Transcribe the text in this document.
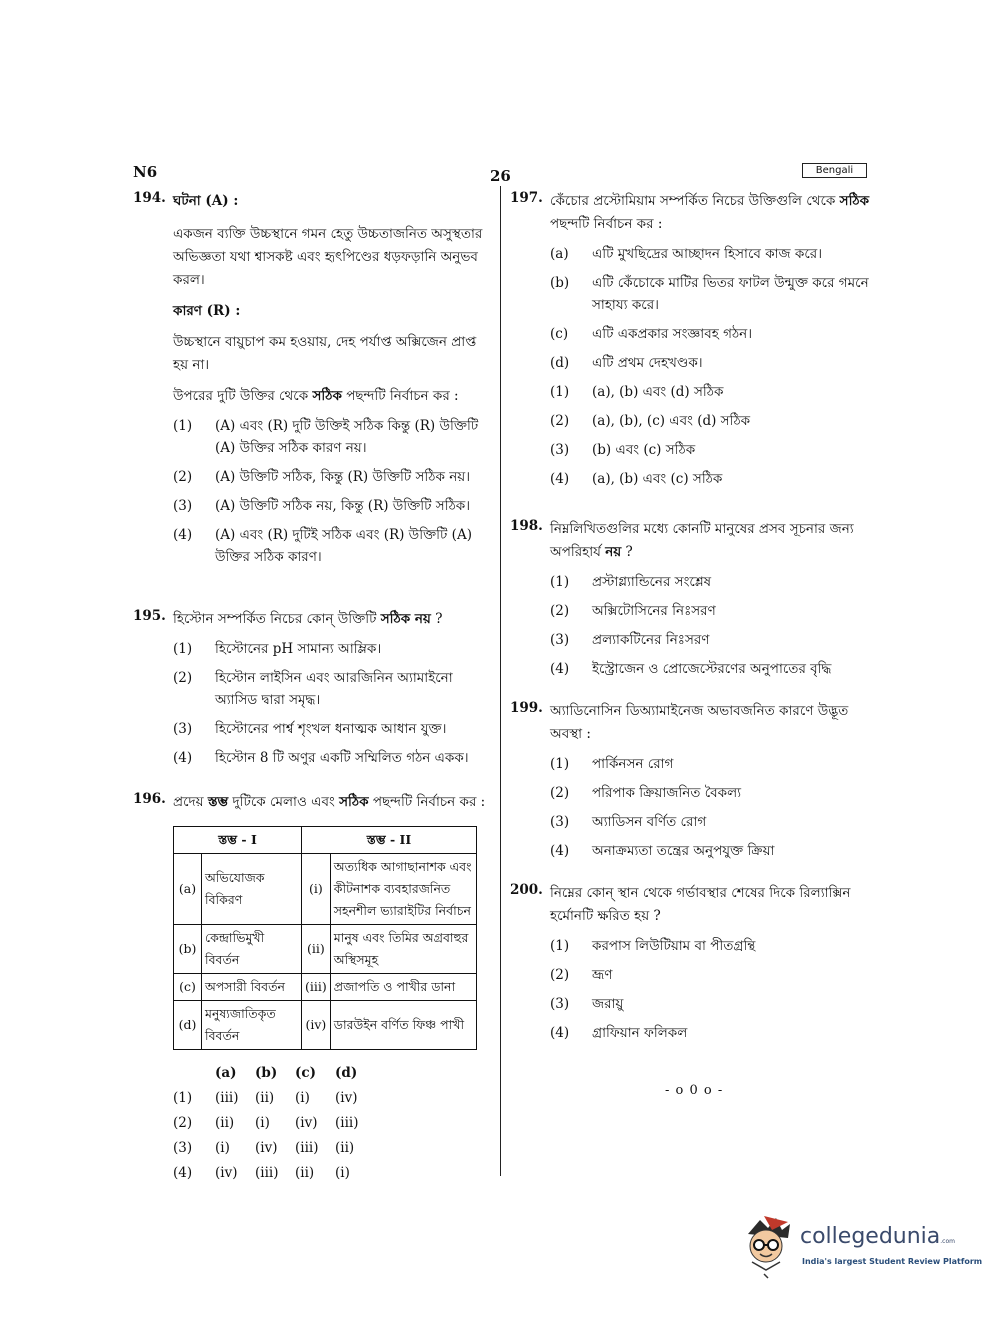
N6	26	Bengali
194. ঘটনা (A) :
একজন ব্যক্তি উচ্চস্থানে গমন হেতু উচ্চতাজনিত অসুস্থতার অভিজ্ঞতা যথা শ্বাসকষ্ট এবং হৃৎপিণ্ডের ধড়ফড়ানি অনুভব করল।
কারণ (R) :
উচ্চস্থানে বায়ুচাপ কম হওয়ায়, দেহ পর্যাপ্ত অক্সিজেন প্রাপ্ত হয় না।
উপরের দুটি উক্তির থেকে সঠিক পছন্দটি নির্বাচন কর :
(1) (A) এবং (R) দুটি উক্তিই সঠিক কিন্তু (R) উক্তিটি (A) উক্তির সঠিক কারণ নয়।
(2) (A) উক্তিটি সঠিক, কিন্তু (R) উক্তিটি সঠিক নয়।
(3) (A) উক্তিটি সঠিক নয়, কিন্তু (R) উক্তিটি সঠিক।
(4) (A) এবং (R) দুটিই সঠিক এবং (R) উক্তিটি (A) উক্তির সঠিক কারণ।
195. হিস্টোন সম্পর্কিত নিচের কোন্ উক্তিটি সঠিক নয় ?
(1) হিস্টোনের pH সামান্য আম্লিক।
(2) হিস্টোন লাইসিন এবং আরজিনিন অ্যামাইনো অ্যাসিড দ্বারা সমৃদ্ধ।
(3) হিস্টোনের পার্শ্ব শৃংখল ধনাত্মক আধান যুক্ত।
(4) হিস্টোন 8 টি অণুর একটি সম্মিলিত গঠন একক।
196. প্রদেয় স্তম্ভ দুটিকে মেলাও এবং সঠিক পছন্দটি নির্বাচন কর :
স্তম্ভ - I		স্তম্ভ - II	
(a)	অভিযোজক বিকিরণ	(i)	অত্যধিক আগাছানাশক এবং কীটনাশক ব্যবহারজনিত সহনশীল ভ্যারাইটির নির্বাচন
(b)	কেন্দ্রাভিমুখী বিবর্তন	(ii)	মানুষ এবং তিমির অগ্রবাহুর অস্থিসমূহ
(c)	অপসারী বিবর্তন	(iii)	প্রজাপতি ও পাখীর ডানা
(d)	মনুষ্যজাতিকৃত বিবর্তন	(iv)	ডারউইন বর্ণিত ফিঞ্চ পাখী
(a)	(b)	(c)	(d)
(1)	(iii)	(ii)	(i)	(iv)
(2)	(ii)	(i)	(iv)	(iii)
(3)	(i)	(iv)	(iii)	(ii)
(4)	(iv)	(iii)	(ii)	(i)
197. কেঁচোর প্রস্টোমিয়াম সম্পর্কিত নিচের উক্তিগুলি থেকে সঠিক পছন্দটি নির্বাচন কর :
(a) এটি মুখছিদ্রের আচ্ছাদন হিসাবে কাজ করে।
(b) এটি কেঁচোকে মাটির ভিতর ফাটল উন্মুক্ত করে গমনে সাহায্য করে।
(c) এটি একপ্রকার সংজ্ঞাবহ গঠন।
(d) এটি প্রথম দেহখণ্ডক।
(1) (a), (b) এবং (d) সঠিক
(2) (a), (b), (c) এবং (d) সঠিক
(3) (b) এবং (c) সঠিক
(4) (a), (b) এবং (c) সঠিক
198. নিম্নলিখিতগুলির মধ্যে কোনটি মানুষের প্রসব সূচনার জন্য অপরিহার্য নয় ?
(1) প্রস্টাগ্ল্যান্ডিনের সংশ্লেষ
(2) অক্সিটোসিনের নিঃসরণ
(3) প্রল্যাকটিনের নিঃসরণ
(4) ইস্ট্রোজেন ও প্রোজেস্টেরণের অনুপাতের বৃদ্ধি
199. অ্যাডিনোসিন ডিঅ্যামাইনেজ অভাবজনিত কারণে উদ্ভূত অবস্থা :
(1) পার্কিনসন রোগ
(2) পরিপাক ক্রিয়াজনিত বৈকল্য
(3) অ্যাডিসন বর্ণিত রোগ
(4) অনাক্রম্যতা তন্ত্রের অনুপযুক্ত ক্রিয়া
200. নিম্নের কোন্ স্থান থেকে গর্ভাবস্থার শেষের দিকে রিল্যাক্সিন হর্মোনটি ক্ষরিত হয় ?
(1) করপাস লিউটিয়াম বা পীতগ্রন্থি
(2) ভ্রূণ
(3) জরায়ু
(4) গ্রাফিয়ান ফলিকল
- o 0 o -
collegedunia.com
India's largest Student Review Platform
